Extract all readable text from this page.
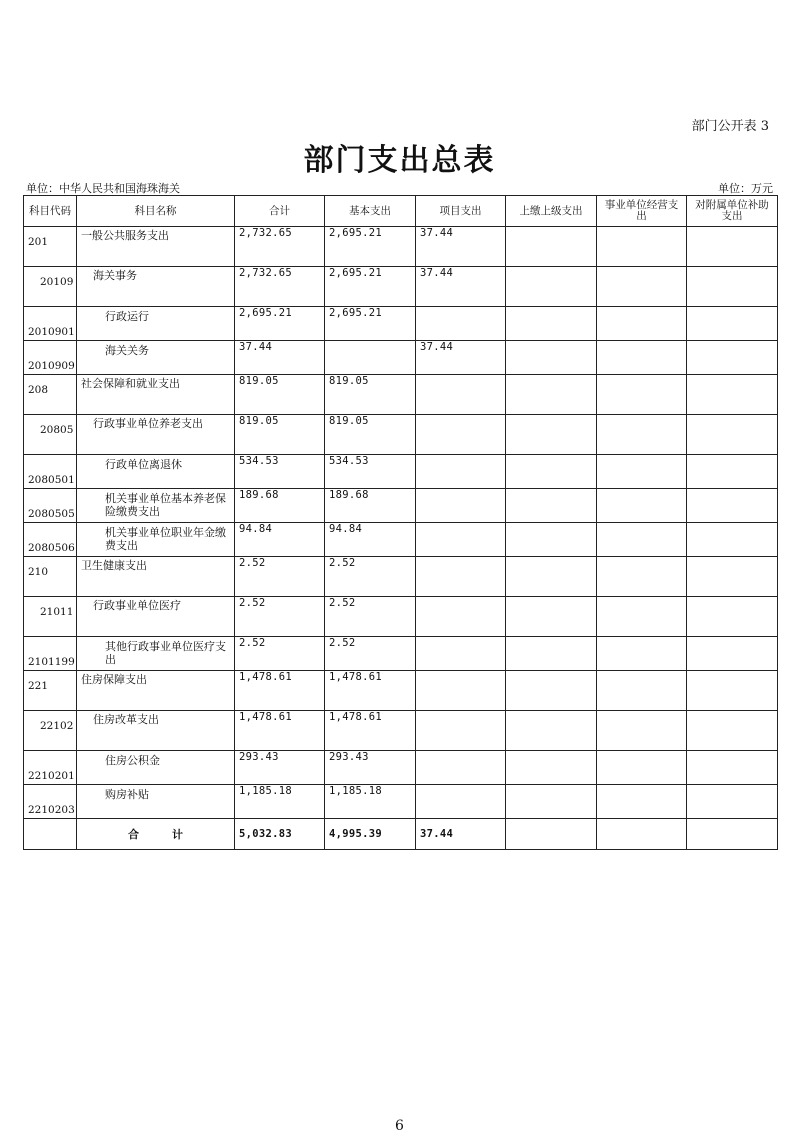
部门公开表 3
部门支出总表
单位：中华人民共和国海珠海关	单位：万元
科目代码	科目名称	合计	基本支出	项目支出	上缴上级支出	事业单位经营支出	对附属单位补助支出
201	一般公共服务支出	2,732.65	2,695.21	37.44			
20109	海关事务	2,732.65	2,695.21	37.44			
2010901	行政运行	2,695.21	2,695.21				
2010909	海关关务	37.44		37.44			
208	社会保障和就业支出	819.05	819.05				
20805	行政事业单位养老支出	819.05	819.05				
2080501	行政单位离退休	534.53	534.53				
2080505	机关事业单位基本养老保险缴费支出	189.68	189.68				
2080506	机关事业单位职业年金缴费支出	94.84	94.84				
210	卫生健康支出	2.52	2.52				
21011	行政事业单位医疗	2.52	2.52				
2101199	其他行政事业单位医疗支出	2.52	2.52				
221	住房保障支出	1,478.61	1,478.61				
22102	住房改革支出	1,478.61	1,478.61				
2210201	住房公积金	293.43	293.43				
2210203	购房补贴	1,185.18	1,185.18				
	合　　　计	5,032.83	4,995.39	37.44			
6
